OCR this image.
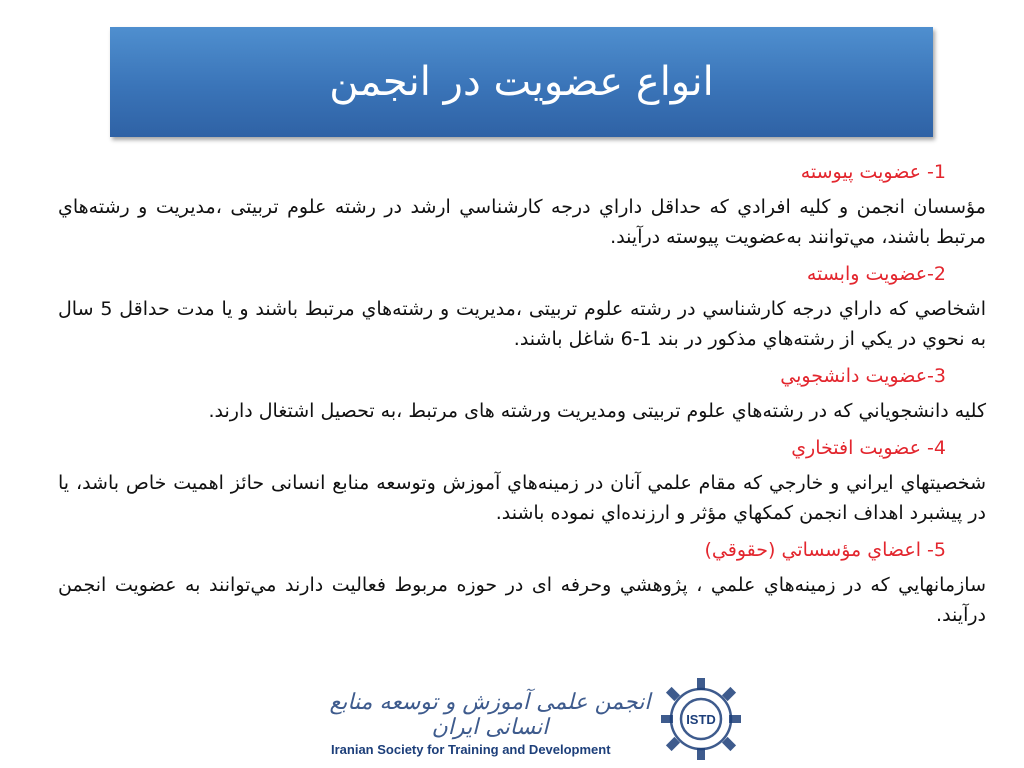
انواع عضويت در انجمن

1- عضويت پيوسته

مؤسسان انجمن و كليه افرادي كه حداقل داراي درجه كارشناسي ارشد در رشته علوم تربيتی ،مديريت و رشته‌هاي مرتبط باشند، مي‌توانند به‌عضويت پيوسته درآيند.

2-عضويت وابسته

اشخاصي كه داراي درجه كارشناسي در رشته علوم تربيتی ،مديريت و رشته‌هاي مرتبط باشند و يا مدت حداقل 5 سال به نحوي در يكي از رشته‌هاي مذكور در بند 1-6 شاغل باشند.

3-عضويت دانشجويي

كليه دانشجوياني كه در رشته‌هاي علوم تربيتی ومديريت ورشته های مرتبط ،به تحصيل اشتغال دارند.

4- عضويت افتخاري

شخصيتهاي ايراني و خارجي كه مقام علمي آنان در زمينه‌هاي آموزش وتوسعه منابع انسانی حائز اهميت خاص باشد، يا در پيشبرد اهداف انجمن كمكهاي مؤثر و ارزنده‌اي نموده باشند.

5- اعضاي مؤسساتي (حقوقي)

سازمانهايي كه در زمينه‌هاي علمي ، پژوهشي وحرفه ای در حوزه مربوط فعاليت دارند مي‌توانند به عضويت انجمن درآيند.

انجمن علمی آموزش و توسعه منابع انسانی ایران
Iranian Society for Training and Development
ISTD
